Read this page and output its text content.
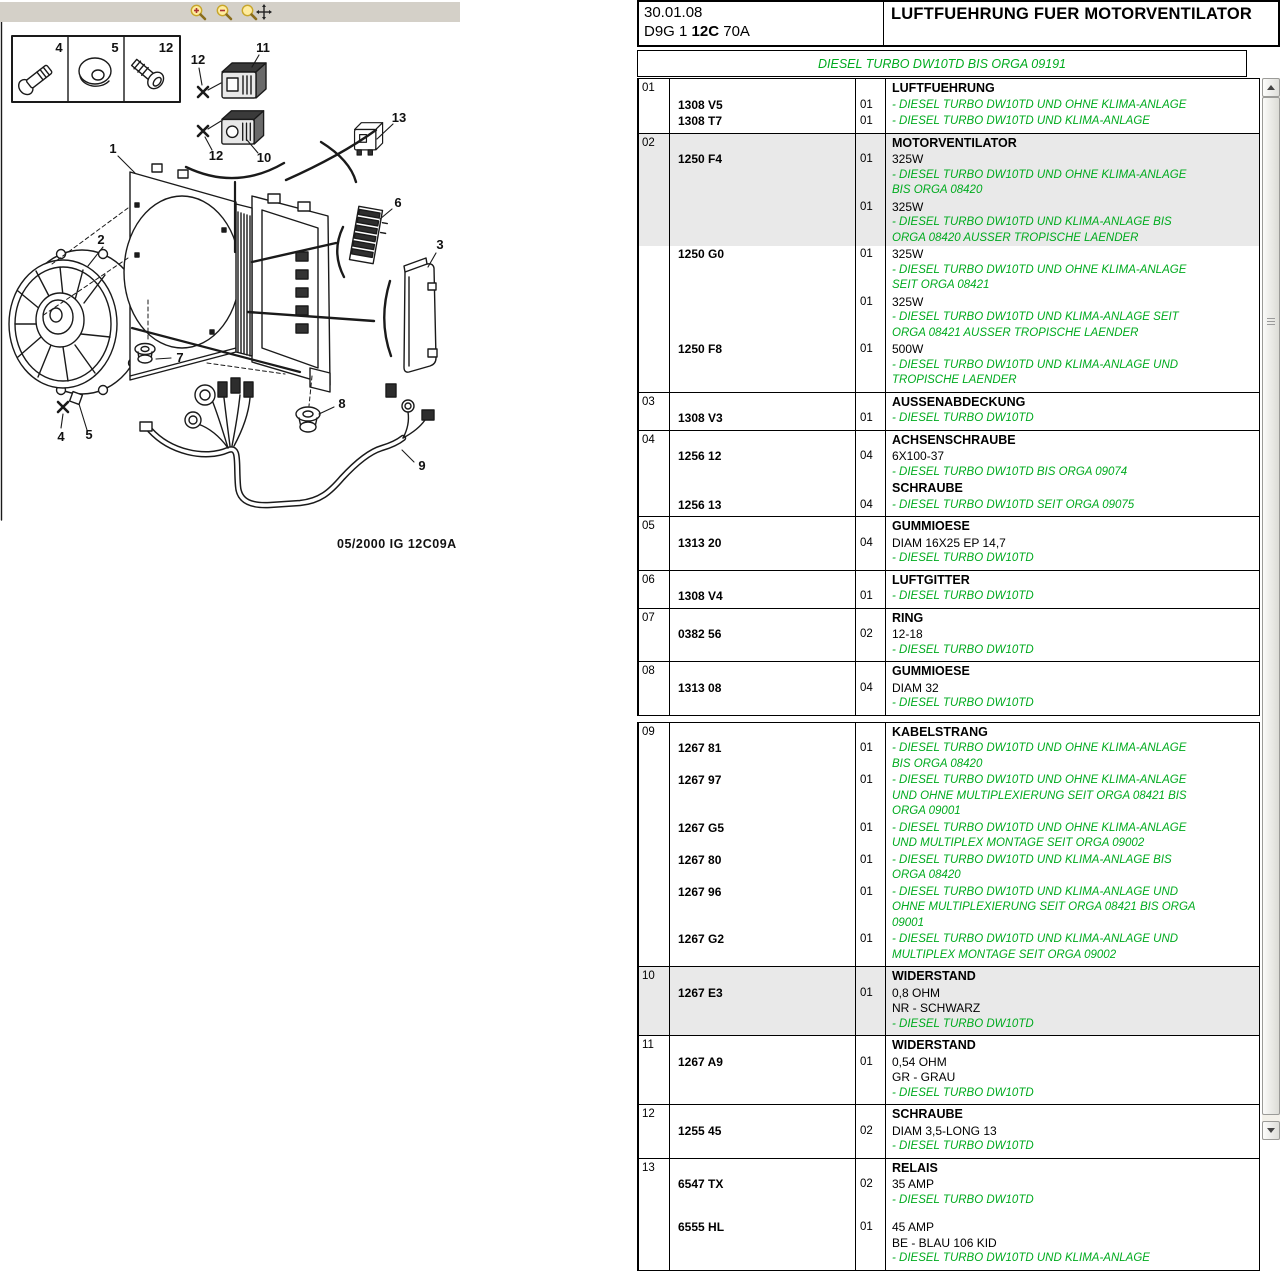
1
2	3
4 5
6
7
8
9
10
11
12
12
13
4	5	12
05/2000 IG 12C09A
30.01.08
D9G 1 12C 70A
LUFTFUEHRUNG FUER MOTORVENTILATOR
DIESEL TURBO DW10TD BIS ORGA 09191
01	LUFTFUEHRUNG
1308 V5	01	- DIESEL TURBO DW10TD UND OHNE KLIMA-ANLAGE
1308 T7	01	- DIESEL TURBO DW10TD UND KLIMA-ANLAGE
02	MOTORVENTILATOR
1250 F4	01	325W
- DIESEL TURBO DW10TD UND OHNE KLIMA-ANLAGE BIS ORGA 08420
01	325W
- DIESEL TURBO DW10TD UND KLIMA-ANLAGE BIS ORGA 08420 AUSSER TROPISCHE LAENDER
1250 G0	01	325W
- DIESEL TURBO DW10TD UND OHNE KLIMA-ANLAGE SEIT ORGA 08421
01	325W
- DIESEL TURBO DW10TD UND KLIMA-ANLAGE SEIT ORGA 08421 AUSSER TROPISCHE LAENDER
1250 F8	01	500W
- DIESEL TURBO DW10TD UND KLIMA-ANLAGE UND TROPISCHE LAENDER
03	AUSSENABDECKUNG
1308 V3	01	- DIESEL TURBO DW10TD
04	ACHSENSCHRAUBE
1256 12	04	6X100-37
- DIESEL TURBO DW10TD BIS ORGA 09074
SCHRAUBE
1256 13	04	- DIESEL TURBO DW10TD SEIT ORGA 09075
05	GUMMIOESE
1313 20	04	DIAM 16X25 EP 14,7
- DIESEL TURBO DW10TD
06	LUFTGITTER
1308 V4	01	- DIESEL TURBO DW10TD
07	RING
0382 56	02	12-18
- DIESEL TURBO DW10TD
08	GUMMIOESE
1313 08	04	DIAM 32
- DIESEL TURBO DW10TD
09	KABELSTRANG
1267 81	01	- DIESEL TURBO DW10TD UND OHNE KLIMA-ANLAGE BIS ORGA 08420
1267 97	01	- DIESEL TURBO DW10TD UND OHNE KLIMA-ANLAGE UND OHNE MULTIPLEXIERUNG SEIT ORGA 08421 BIS ORGA 09001
1267 G5	01	- DIESEL TURBO DW10TD UND OHNE KLIMA-ANLAGE UND MULTIPLEX MONTAGE SEIT ORGA 09002
1267 80	01	- DIESEL TURBO DW10TD UND KLIMA-ANLAGE BIS ORGA 08420
1267 96	01	- DIESEL TURBO DW10TD UND KLIMA-ANLAGE UND OHNE MULTIPLEXIERUNG SEIT ORGA 08421 BIS ORGA 09001
1267 G2	01	- DIESEL TURBO DW10TD UND KLIMA-ANLAGE UND MULTIPLEX MONTAGE SEIT ORGA 09002
10	WIDERSTAND
1267 E3	01	0,8 OHM
NR - SCHWARZ
- DIESEL TURBO DW10TD
11	WIDERSTAND
1267 A9	01	0,54 OHM
GR - GRAU
- DIESEL TURBO DW10TD
12	SCHRAUBE
1255 45	02	DIAM 3,5-LONG 13
- DIESEL TURBO DW10TD
13	RELAIS
6547 TX	02	35 AMP
- DIESEL TURBO DW10TD
6555 HL	01	45 AMP
BE - BLAU 106 KID
- DIESEL TURBO DW10TD UND KLIMA-ANLAGE
